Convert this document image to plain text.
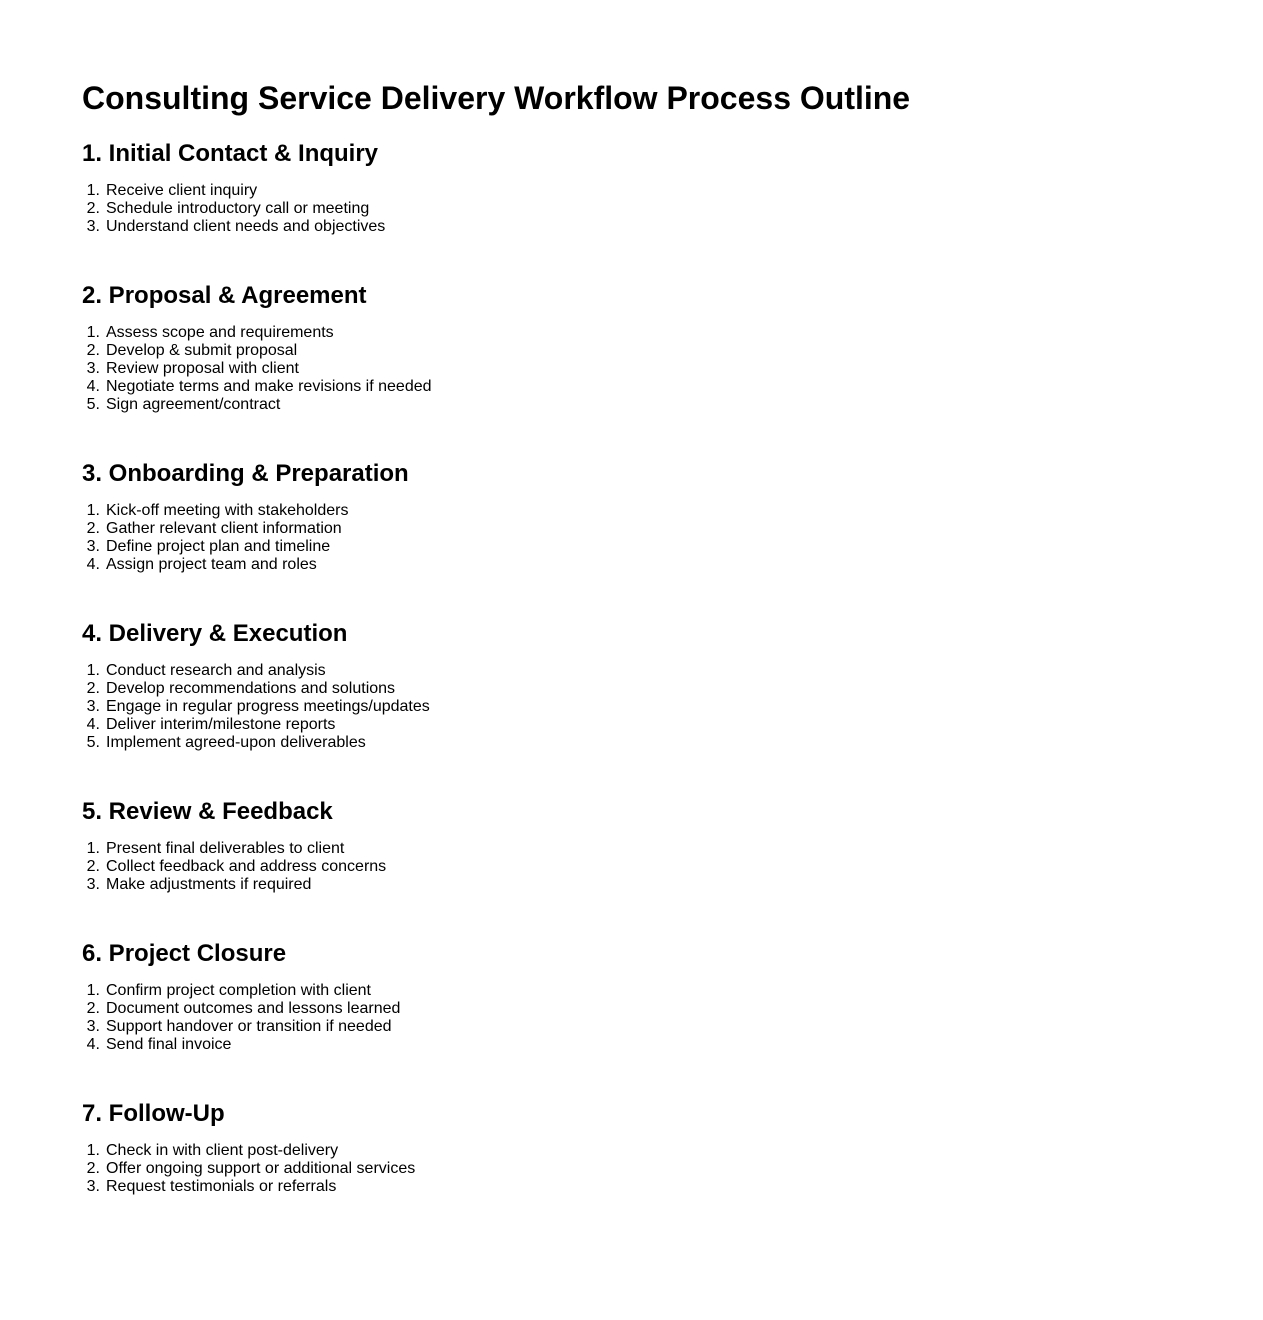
Consulting Service Delivery Workflow Process Outline
1. Initial Contact & Inquiry
1. Receive client inquiry
2. Schedule introductory call or meeting
3. Understand client needs and objectives
2. Proposal & Agreement
1. Assess scope and requirements
2. Develop & submit proposal
3. Review proposal with client
4. Negotiate terms and make revisions if needed
5. Sign agreement/contract
3. Onboarding & Preparation
1. Kick-off meeting with stakeholders
2. Gather relevant client information
3. Define project plan and timeline
4. Assign project team and roles
4. Delivery & Execution
1. Conduct research and analysis
2. Develop recommendations and solutions
3. Engage in regular progress meetings/updates
4. Deliver interim/milestone reports
5. Implement agreed-upon deliverables
5. Review & Feedback
1. Present final deliverables to client
2. Collect feedback and address concerns
3. Make adjustments if required
6. Project Closure
1. Confirm project completion with client
2. Document outcomes and lessons learned
3. Support handover or transition if needed
4. Send final invoice
7. Follow-Up
1. Check in with client post-delivery
2. Offer ongoing support or additional services
3. Request testimonials or referrals
